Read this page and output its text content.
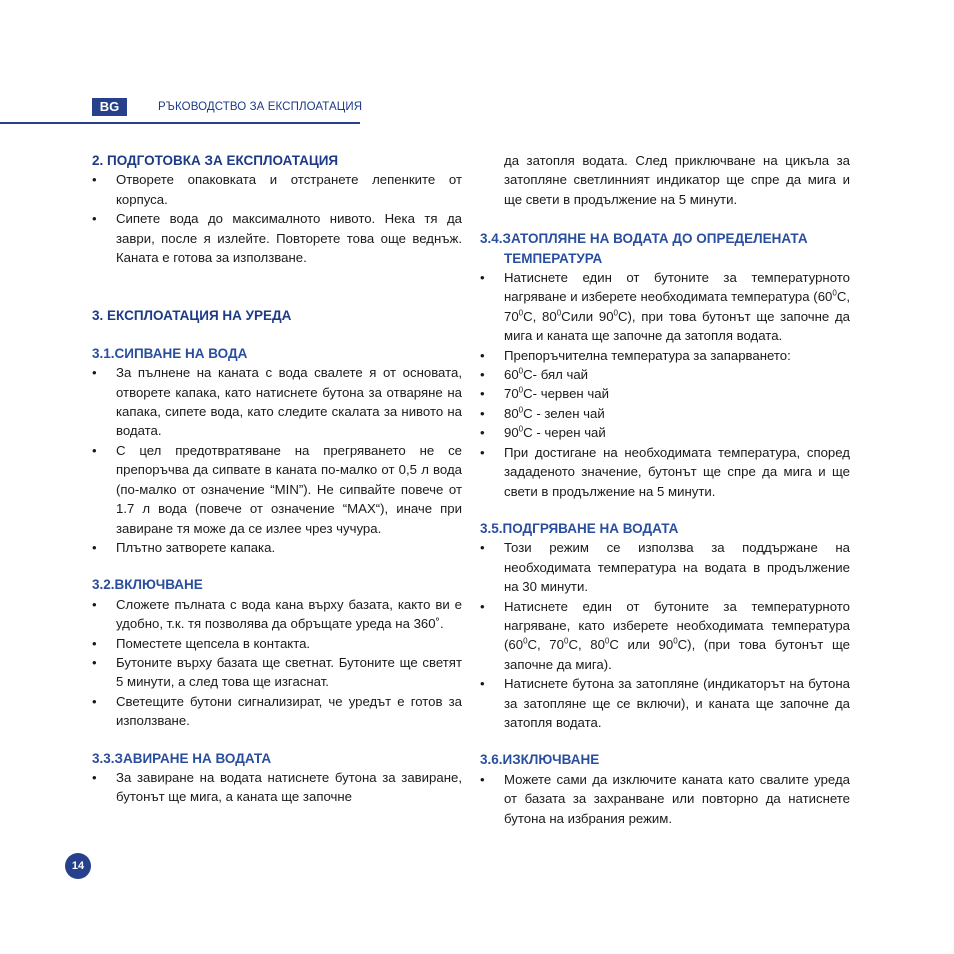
BG	РЪКОВОДСТВО ЗА ЕКСПЛОАТАЦИЯ
2. ПОДГОТОВКА ЗА ЕКСПЛОАТАЦИЯ
• Отворете опаковката и отстранете лепенките от корпуса.
• Сипете вода до максималното нивото. Нека тя да заври, после я излейте. Повторете това още веднъж. Каната е готова за използване.
3. ЕКСПЛОАТАЦИЯ НА УРЕДА
3.1.СИПВАНЕ НА ВОДА
• За пълнене на каната с вода свалете я от основата, отворете капака, като натиснете бутона за отваряне на капака, сипете вода, като следите скалата за нивото на водата.
• С цел предотвратяване на прегряването не се препоръчва да сипвате в каната по-малко от 0,5 л вода (по-малко от означение “MIN”). Не сипвайте повече от 1.7 л вода (повече от означение “MAX“), иначе при завиране тя може да се излее чрез чучура.
• Плътно затворете капака.
3.2.ВКЛЮЧВАНЕ
• Сложете пълната с вода кана върху базата, както ви е удобно, т.к. тя позволява да обръщате уреда на 360˚.
• Поместете щепсела в контакта.
• Бутоните върху базата ще светнат. Бутоните ще светят 5 минути, а след това ще изгаснат.
• Светещите бутони сигнализират, че уредът е готов за използване.
3.3.ЗАВИРАНЕ НА ВОДАТА
• За завиране на водата натиснете бутона за завиране, бутонът ще мига, а каната ще започне

да затопля водата. След приключване на цикъла за затопляне светлинният индикатор ще спре да мига и ще свети в продължение на 5 минути.

3.4.ЗАТОПЛЯНЕ НА ВОДАТА ДО ОПРЕДЕЛЕНАТА
ТЕМПЕРАТУРА
• Натиснете един от бутоните за температурното нагряване и изберете необходимата температура ($60^0С$, $70^0С$, $80^0Сили$ $90^0С$), при това бутонът ще започне да мига и каната ще започне да затопля водата.
• Препоръчителна температура за запарването:
• $60^0С-$ бял чай
• $70^0С-$ червен чай
• $80^0С$ - зелен чай
• $90^0С$ - черен чай
• При достигане на необходимата температура, според зададеното значение, бутонът ще спре да мига и ще свети в продължение на 5 минути.
3.5.ПОДГРЯВАНЕ НА ВОДАТА
• Този режим се използва за поддържане на необходимата температура на водата в продължение на 30 минути.
• Натиснете един от бутоните за температурното нагряване, като изберете необходимата температура ($60^0С$, $70^0С$, $80^0С$ или $90^0С$), (при това бутонът ще започне да мига).
• Натиснете бутона за затопляне (индикаторът на бутона за затопляне ще се включи), и каната ще започне да затопля водата.
3.6.ИЗКЛЮЧВАНЕ
• Можете сами да изключите каната като свалите уреда от базата за захранване или повторно да натиснете бутона на избрания режим.
14
